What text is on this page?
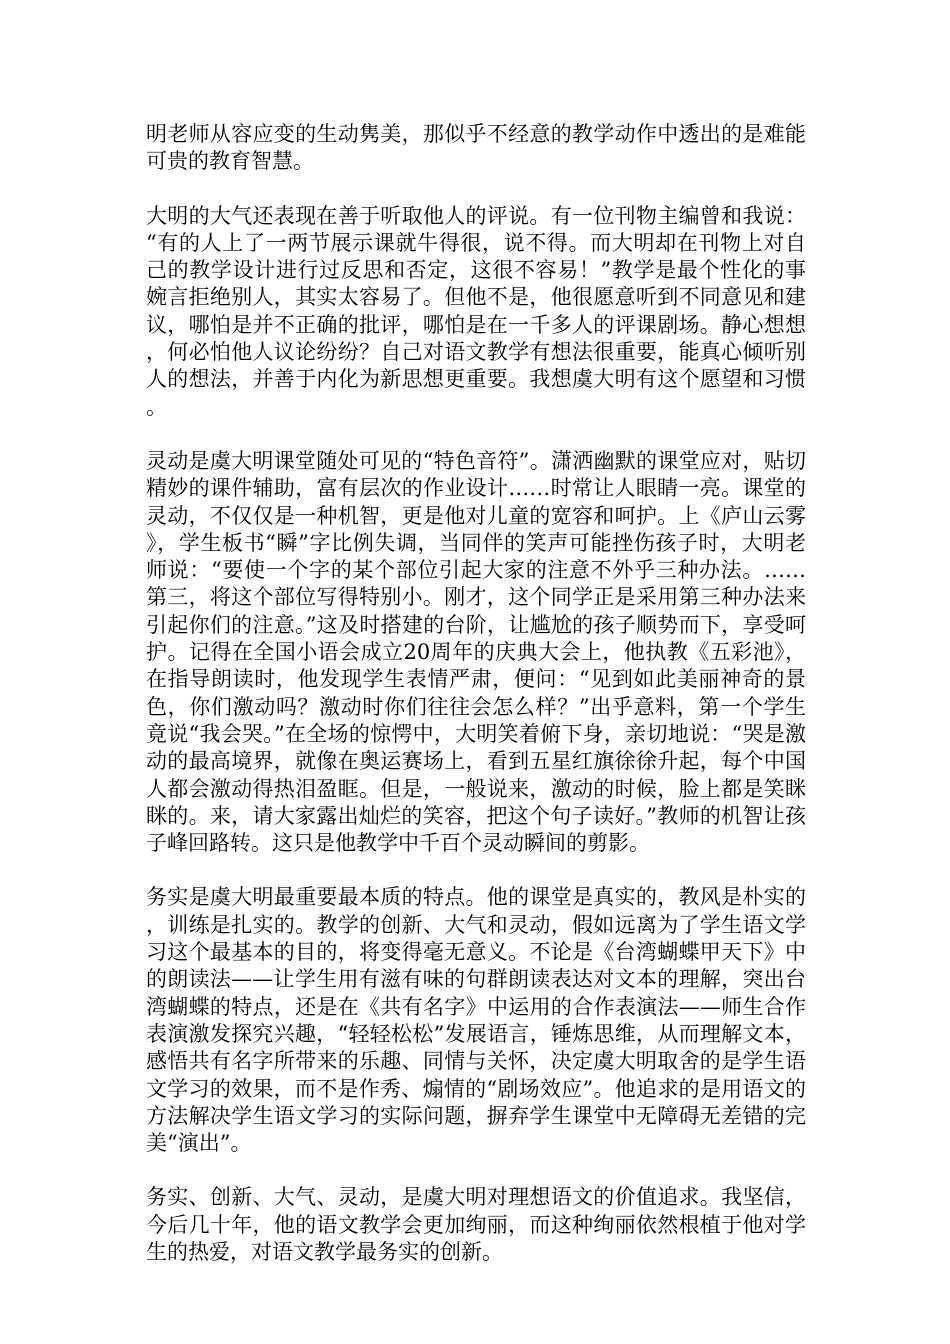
明老师从容应变的生动隽美，那似乎不经意的教学动作中透出的是难能可贵的教育智慧。

大明的大气还表现在善于听取他人的评说。有一位刊物主编曾和我说：“有的人上了一两节展示课就牛得很，说不得。而大明却在刊物上对自己的教学设计进行过反思和否定，这很不容易！”教学是最个性化的事婉言拒绝别人，其实太容易了。但他不是，他很愿意听到不同意见和建议，哪怕是并不正确的批评，哪怕是在一千多人的评课剧场。静心想想，何必怕他人议论纷纷？自己对语文教学有想法很重要，能真心倾听别人的想法，并善于内化为新思想更重要。我想虞大明有这个愿望和习惯。

灵动是虞大明课堂随处可见的“特色音符”。潇洒幽默的课堂应对，贴切精妙的课件辅助，富有层次的作业设计……时常让人眼睛一亮。课堂的灵动，不仅仅是一种机智，更是他对儿童的宽容和呵护。上《庐山云雾》，学生板书“瞬”字比例失调，当同伴的笑声可能挫伤孩子时，大明老师说：“要使一个字的某个部位引起大家的注意不外乎三种办法。……第三，将这个部位写得特别小。刚才，这个同学正是采用第三种办法来引起你们的注意。”这及时搭建的台阶，让尴尬的孩子顺势而下，享受呵护。记得在全国小语会成立20周年的庆典大会上，他执教《五彩池》，在指导朗读时，他发现学生表情严肃，便问：“见到如此美丽神奇的景色，你们激动吗？激动时你们往往会怎么样？”出乎意料，第一个学生竟说“我会哭。”在全场的惊愕中，大明笑着俯下身，亲切地说：“哭是激动的最高境界，就像在奥运赛场上，看到五星红旗徐徐升起，每个中国人都会激动得热泪盈眶。但是，一般说来，激动的时候，脸上都是笑眯眯的。来，请大家露出灿烂的笑容，把这个句子读好。”教师的机智让孩子峰回路转。这只是他教学中千百个灵动瞬间的剪影。

务实是虞大明最重要最本质的特点。他的课堂是真实的，教风是朴实的，训练是扎实的。教学的创新、大气和灵动，假如远离为了学生语文学习这个最基本的目的，将变得毫无意义。不论是《台湾蝴蝶甲天下》中的朗读法——让学生用有滋有味的句群朗读表达对文本的理解，突出台湾蝴蝶的特点，还是在《共有名字》中运用的合作表演法——师生合作表演激发探究兴趣，“轻轻松松”发展语言，锤炼思维，从而理解文本，感悟共有名字所带来的乐趣、同情与关怀，决定虞大明取舍的是学生语文学习的效果，而不是作秀、煽情的“剧场效应”。他追求的是用语文的方法解决学生语文学习的实际问题，摒弃学生课堂中无障碍无差错的完美“演出”。

务实、创新、大气、灵动，是虞大明对理想语文的价值追求。我坚信，今后几十年，他的语文教学会更加绚丽，而这种绚丽依然根植于他对学生的热爱，对语文教学最务实的创新。
